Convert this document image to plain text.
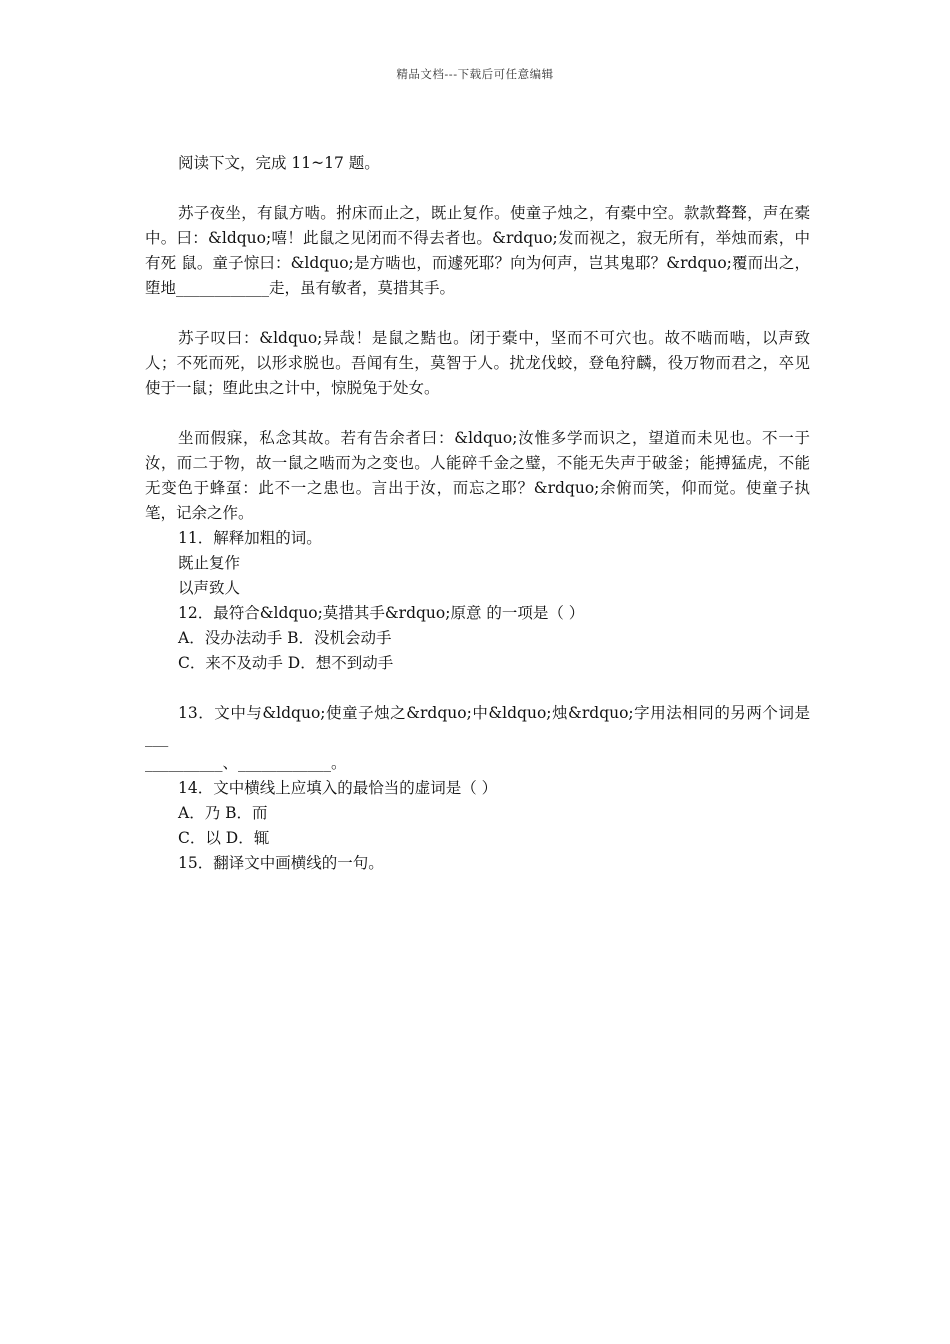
精品文档---下载后可任意编辑

阅读下文，完成 11~17 题。

苏子夜坐，有鼠方啮。拊床而止之，既止复作。使童子烛之，有橐中空。款款聱聱，声在橐中。曰：&ldquo;嘻！此鼠之见闭而不得去者也。&rdquo;发而视之，寂无所有，举烛而索，中有死 鼠。童子惊曰：&ldquo;是方啮也，而遽死耶？向为何声，岂其鬼耶？&rdquo;覆而出之，堕地____________走，虽有敏者，莫措其手。

苏子叹曰：&ldquo;异哉！是鼠之黠也。闭于橐中，坚而不可穴也。故不啮而啮，以声致人；不死而死，以形求脱也。吾闻有生，莫智于人。扰龙伐蛟，登龟狩麟，役万物而君之，卒见使于一鼠；堕此虫之计中，惊脱兔于处女。

坐而假寐，私念其故。若有告余者曰：&ldquo;汝惟多学而识之，望道而未见也。不一于 汝，而二于物，故一鼠之啮而为之变也。人能碎千金之璧，不能无失声于破釜；能搏猛虎，不能无变色于蜂虿：此不一之患也。言出于汝，而忘之耶？&rdquo;余俯而笑，仰而觉。使童子执笔，记余之作。

11．解释加粗的词。

既止复作

以声致人

12．最符合&ldquo;莫措其手&rdquo;原意 的一项是（ ）

A．没办法动手 B．没机会动手

C．来不及动手 D．想不到动手

13．文中与&ldquo;使童子烛之&rdquo;中&ldquo;烛&rdquo;字用法相同的另两个词是___
__________、____________。

14．文中横线上应填入的最恰当的虚词是（ ）

A．乃 B．而

C．以 D．辄

15．翻译文中画横线的一句。
